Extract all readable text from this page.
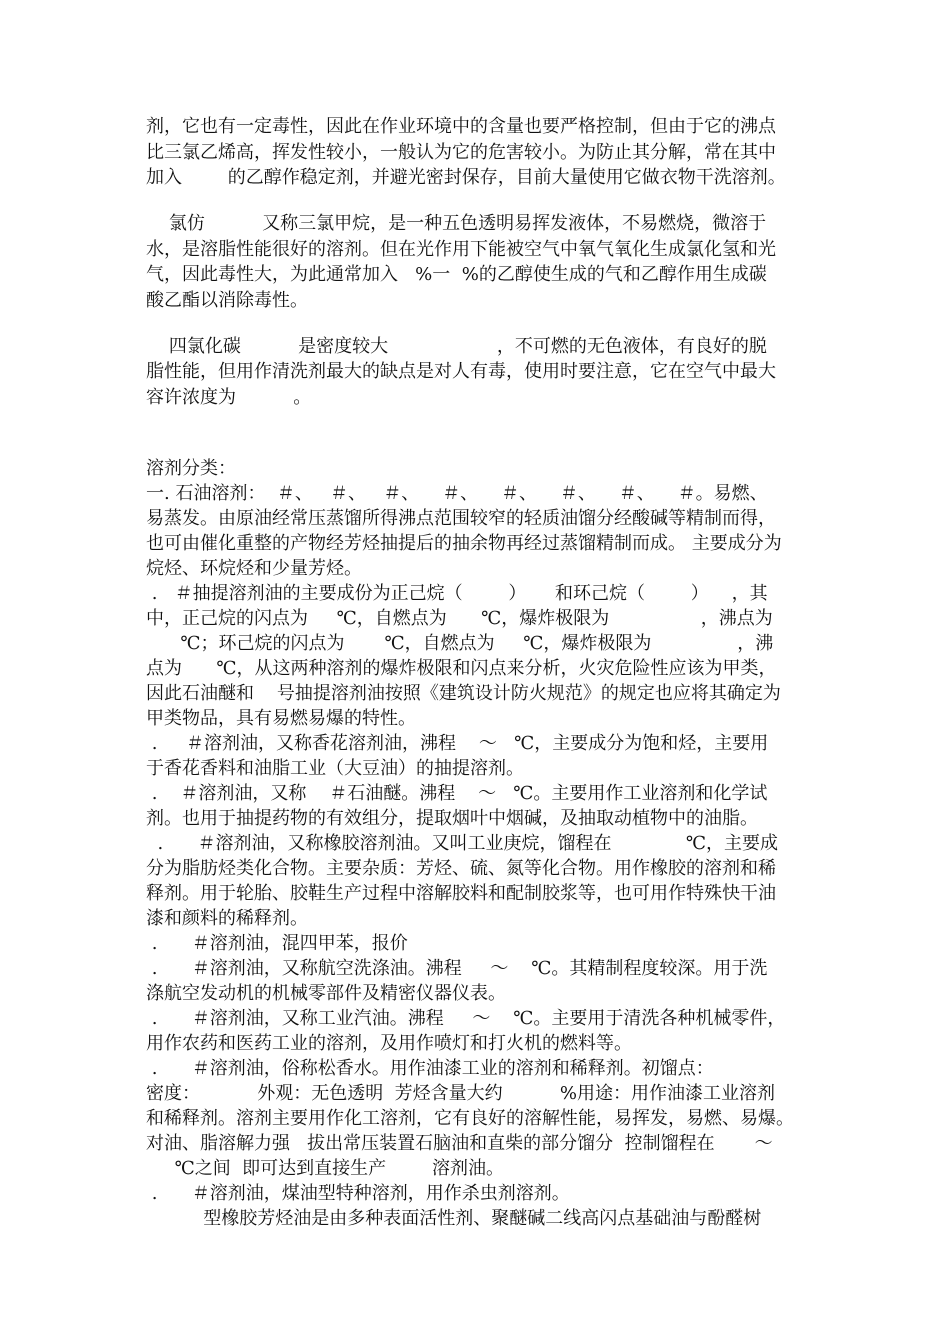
剂，它也有一定毒性，因此在作业环境中的含量也要严格控制，但由于它的沸点
比三氯乙烯高，挥发性较小，一般认为它的危害较小。为防止其分解，常在其中
加入        的乙醇作稳定剂，并避光密封保存，目前大量使用它做衣物干洗溶剂。
氯仿          又称三氯甲烷，是一种五色透明易挥发液体，不易燃烧，微溶于
水，是溶脂性能很好的溶剂。但在光作用下能被空气中氧气氧化生成氯化氢和光
气，因此毒性大，为此通常加入   %一  %的乙醇使生成的气和乙醇作用生成碳
酸乙酯以消除毒性。
四氯化碳          是密度较大                   ，不可燃的无色液体，有良好的脱
脂性能，但用作清洗剂最大的缺点是对人有毒，使用时要注意，它在空气中最大
容许浓度为          。
溶剂分类：
一. 石油溶剂：  ＃、   ＃、   ＃、    ＃、    ＃、    ＃、    ＃、    ＃。易燃、
易蒸发。由原油经常压蒸馏所得沸点范围较窄的轻质油馏分经酸碱等精制而得，
也可由催化重整的产物经芳烃抽提后的抽余物再经过蒸馏精制而成。 主要成分为
烷烃、环烷烃和少量芳烃。
.   ＃抽提溶剂油的主要成份为正己烷（        ）     和环己烷（        ）    ，其
中，正己烷的闪点为     ℃，自燃点为      ℃，爆炸极限为                ，沸点为
℃；环己烷的闪点为       ℃，自燃点为     ℃，爆炸极限为               ，沸
点为      ℃，从这两种溶剂的爆炸极限和闪点来分析，火灾危险性应该为甲类，
因此石油醚和    号抽提溶剂油按照《建筑设计防火规范》的规定也应将其确定为
甲类物品，具有易燃易爆的特性。
.     ＃溶剂油，又称香花溶剂油，沸程    ～   ℃，主要成分为饱和烃，主要用
于香花香料和油脂工业（大豆油）的抽提溶剂。
.    ＃溶剂油，又称    ＃石油醚。沸程    ～   ℃。主要用作工业溶剂和化学试
剂。也用于抽提药物的有效组分，提取烟叶中烟碱，及抽取动植物中的油脂。
.      ＃溶剂油，又称橡胶溶剂油。又叫工业庚烷，馏程在             ℃，主要成
分为脂肪烃类化合物。主要杂质：芳烃、硫、氮等化合物。用作橡胶的溶剂和稀
释剂。用于轮胎、胶鞋生产过程中溶解胶料和配制胶浆等，也可用作特殊快干油
漆和颜料的稀释剂。
.      ＃溶剂油，混四甲苯，报价
.      ＃溶剂油，又称航空洗涤油。沸程     ～    ℃。其精制程度较深。用于洗
涤航空发动机的机械零部件及精密仪器仪表。
.      ＃溶剂油，又称工业汽油。沸程     ～    ℃。主要用于清洗各种机械零件，
用作农药和医药工业的溶剂，及用作喷灯和打火机的燃料等。
.      ＃溶剂油，俗称松香水。用作油漆工业的溶剂和稀释剂。初馏点：
密度：          外观：无色透明  芳烃含量大约          %用途：用作油漆工业溶剂
和稀释剂。溶剂主要用作化工溶剂，它有良好的溶解性能，易挥发，易燃、易爆。
对油、脂溶解力强   拔出常压装置石脑油和直柴的部分馏分  控制馏程在       ～
℃之间  即可达到直接生产        溶剂油。
.      ＃溶剂油，煤油型特种溶剂，用作杀虫剂溶剂。
型橡胶芳烃油是由多种表面活性剂、聚醚碱二线高闪点基础油与酚醛树
